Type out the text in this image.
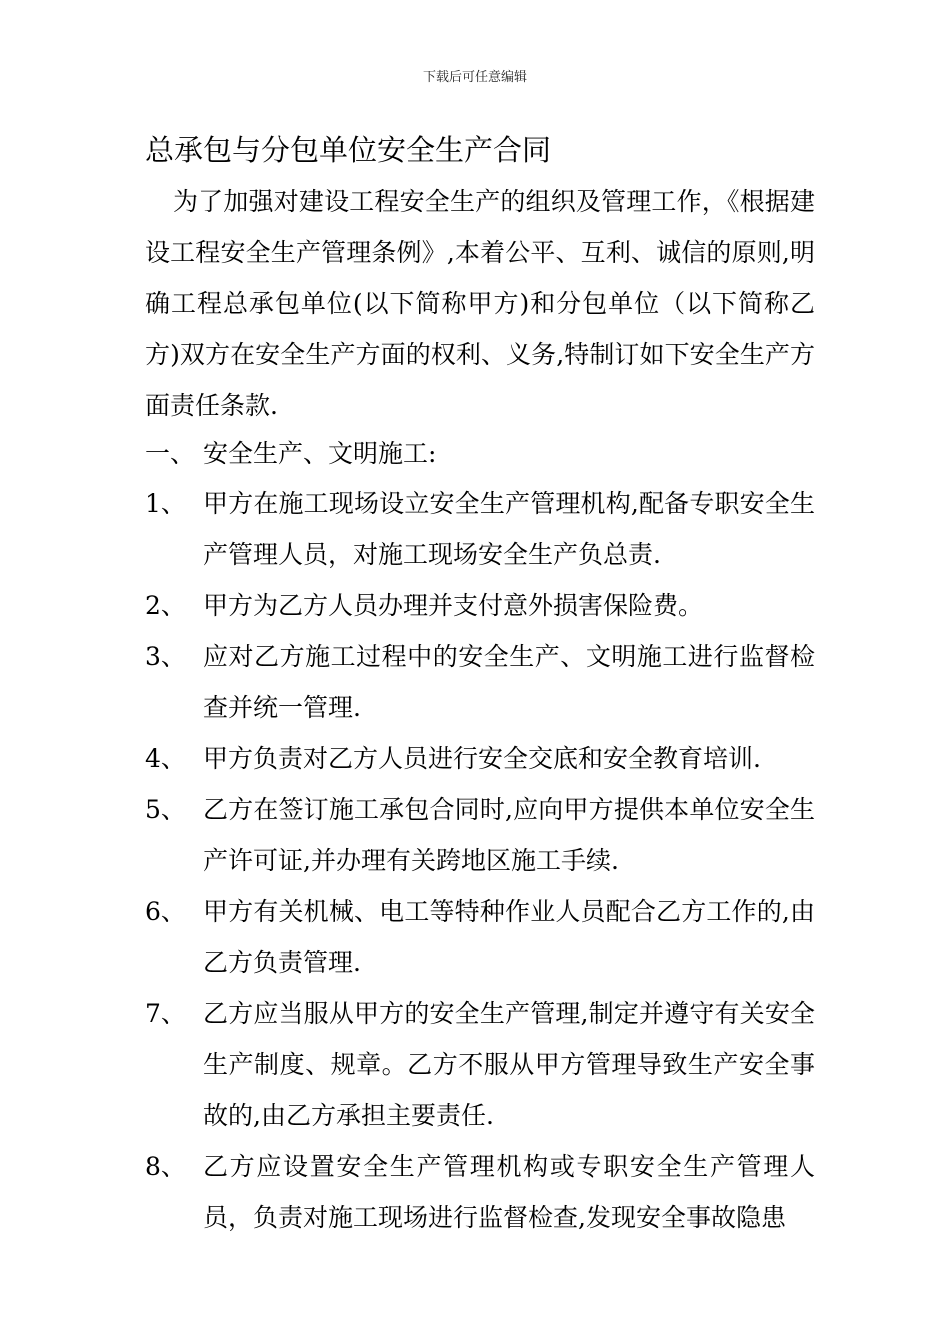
下载后可任意编辑
总承包与分包单位安全生产合同
为了加强对建设工程安全生产的组织及管理工作，《根据建设工程安全生产管理条例》,本着公平、互利、诚信的原则,明确工程总承包单位(以下简称甲方)和分包单位（以下简称乙方)双方在安全生产方面的权利、义务,特制订如下安全生产方面责任条款.
一、 安全生产、文明施工:
1、 甲方在施工现场设立安全生产管理机构,配备专职安全生产管理人员，对施工现场安全生产负总责.
2、 甲方为乙方人员办理并支付意外损害保险费。
3、 应对乙方施工过程中的安全生产、文明施工进行监督检查并统一管理.
4、 甲方负责对乙方人员进行安全交底和安全教育培训.
5、 乙方在签订施工承包合同时,应向甲方提供本单位安全生产许可证,并办理有关跨地区施工手续.
6、 甲方有关机械、电工等特种作业人员配合乙方工作的,由乙方负责管理.
7、 乙方应当服从甲方的安全生产管理,制定并遵守有关安全生产制度、规章。乙方不服从甲方管理导致生产安全事故的,由乙方承担主要责任.
8、 乙方应设置安全生产管理机构或专职安全生产管理人员，负责对施工现场进行监督检查,发现安全事故隐患
